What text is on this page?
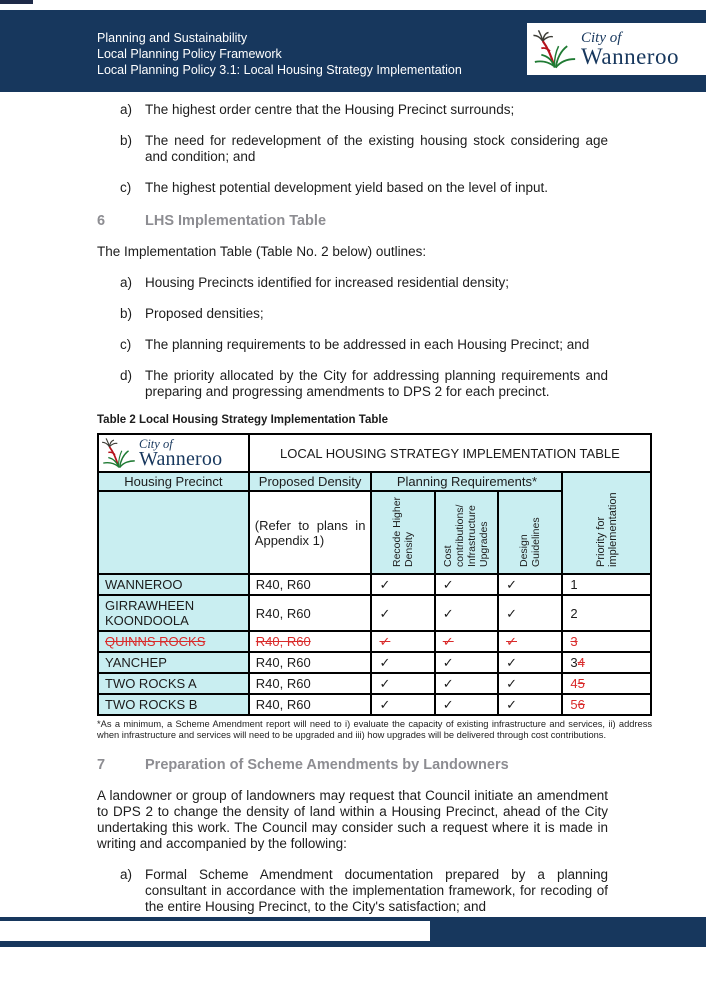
Planning and Sustainability
Local Planning Policy Framework
Local Planning Policy 3.1: Local Housing Strategy Implementation
City of
Wanneroo
a) The highest order centre that the Housing Precinct surrounds;
b) The need for redevelopment of the existing housing stock considering age and condition; and
c)	The highest potential development yield based on the level of input.
6	LHS Implementation Table
The Implementation Table (Table No. 2 below) outlines:
a) Housing Precincts identified for increased residential density;
b) Proposed densities;
c)	The planning requirements to be addressed in each Housing Precinct; and
d) The priority allocated by the City for addressing planning requirements and preparing and progressing amendments to DPS 2 for each precinct.
Table 2 Local Housing Strategy Implementation Table
City of
Wanneroo	LOCAL HOUSING STRATEGY IMPLEMENTATION TABLE				
Housing Precinct	Proposed Density	Planning Requirements*			Priority for implementation
	(Refer to plans in Appendix 1)	Recode Higher Density	Cost contributions/ Infrastructure Upgrades	Design Guidelines	
WANNEROO	R40, R60	✓	✓	✓	1
GIRRAWHEEN KOONDOOLA	R40, R60	✓	✓	✓	2
QUINNS ROCKS	R40, R60	✓	✓	✓	3
YANCHEP	R40, R60	✓	✓	✓	34
TWO ROCKS A	R40, R60	✓	✓	✓	45
TWO ROCKS B	R40, R60	✓	✓	✓	56
*As a minimum, a Scheme Amendment report will need to i) evaluate the capacity of existing infrastructure and services, ii) address when infrastructure and services will need to be upgraded and iii) how upgrades will be delivered through cost contributions.
7	Preparation of Scheme Amendments by Landowners
A landowner or group of landowners may request that Council initiate an amendment to DPS 2 to change the density of land within a Housing Precinct, ahead of the City undertaking this work. The Council may consider such a request where it is made in writing and accompanied by the following:
a) Formal Scheme Amendment documentation prepared by a planning consultant in accordance with the implementation framework, for recoding of the entire Housing Precinct, to the City's satisfaction; and
